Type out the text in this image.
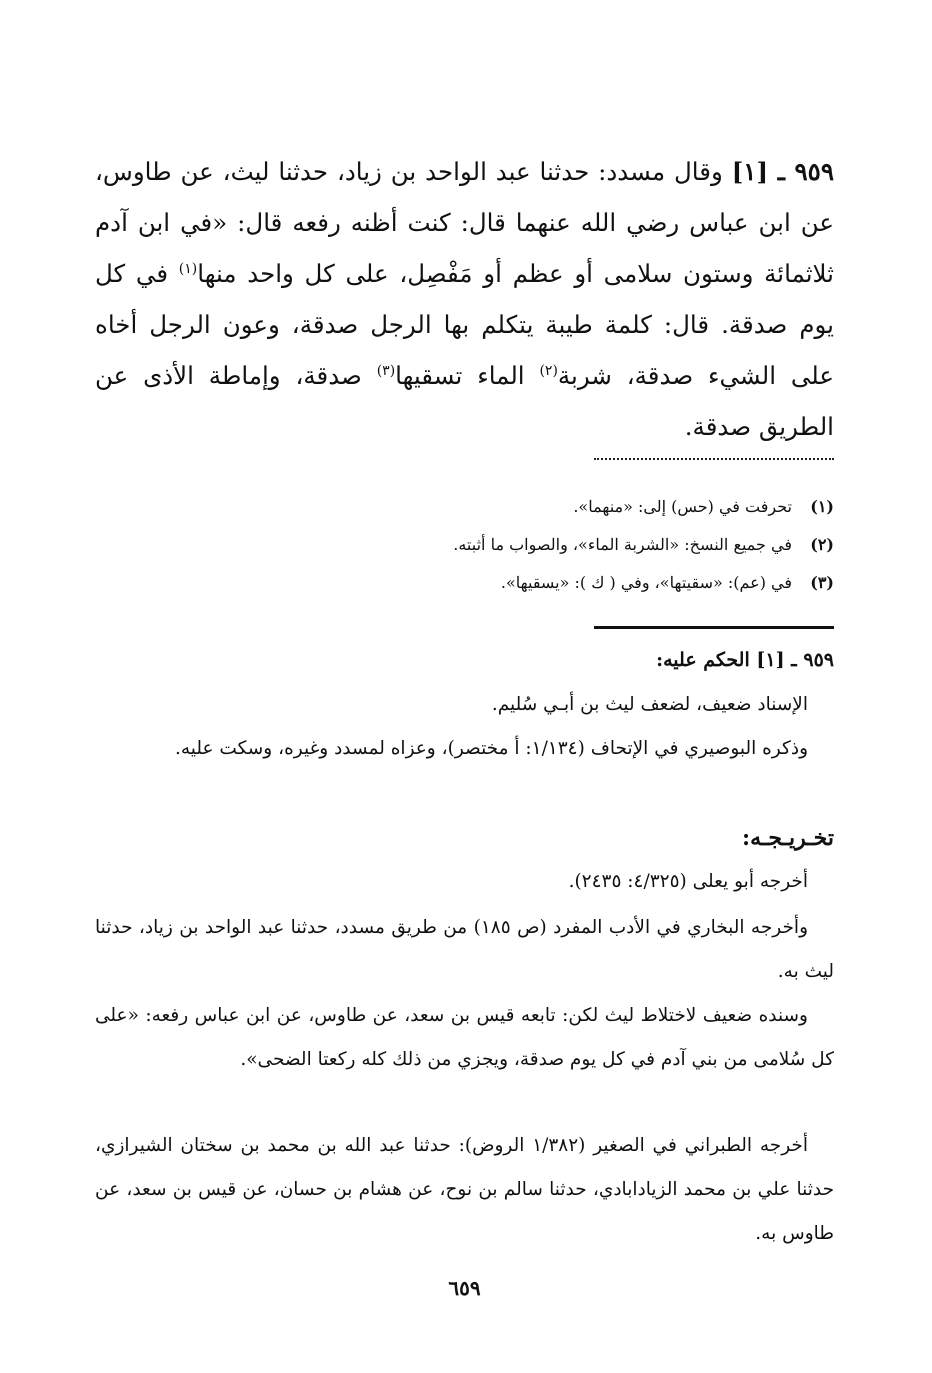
٩٥٩ ـ [١] وقال مسدد: حدثنا عبد الواحد بن زياد، حدثنا ليث، عن طاوس، عن ابن عباس رضي الله عنهما قال: كنت أظنه رفعه قال: «في ابن آدم ثلاثمائة وستون سلامى أو عظم أو مَفْصِل، على كل واحد منها$^{(١)}$ في كل يوم صدقة. قال: كلمة طيبة يتكلم بها الرجل صدقة، وعون الرجل أخاه على الشيء صدقة، شربة$^{(٢)}$ الماء تسقيها$^{(٣)}$ صدقة، وإماطة الأذى عن الطريق صدقة.

(١)
تحرفت في (حس) إلى: «منهما».
(٢)
في جميع النسخ: «الشربة الماء»، والصواب ما أثبته.
(٣)
في (عم): «سقيتها»، وفي ( ك ): «يسقيها».

٩٥٩ ـ [١] الحكم عليه:

الإسناد ضعيف، لضعف ليث بن أبـي سُليم.

وذكره البوصيري في الإتحاف (١/١٣٤: أ مختصر)، وعزاه لمسدد وغيره، وسكت عليه.

تخـريـجـه:

أخرجه أبو يعلى (٤/٣٢٥: ٢٤٣٥).

وأخرجه البخاري في الأدب المفرد (ص ١٨٥) من طريق مسدد، حدثنا عبد الواحد بن زياد، حدثنا ليث به.

وسنده ضعيف لاختلاط ليث لكن: تابعه قيس بن سعد، عن طاوس، عن ابن عباس رفعه: «على كل سُلامى من بني آدم في كل يوم صدقة، ويجزي من ذلك كله ركعتا الضحى».

أخرجه الطبراني في الصغير (١/٣٨٢ الروض): حدثنا عبد الله بن محمد بن سختان الشيرازي، حدثنا علي بن محمد الزيادابادي، حدثنا سالم بن نوح، عن هشام بن حسان، عن قيس بن سعد، عن طاوس به.

٦٥٩
